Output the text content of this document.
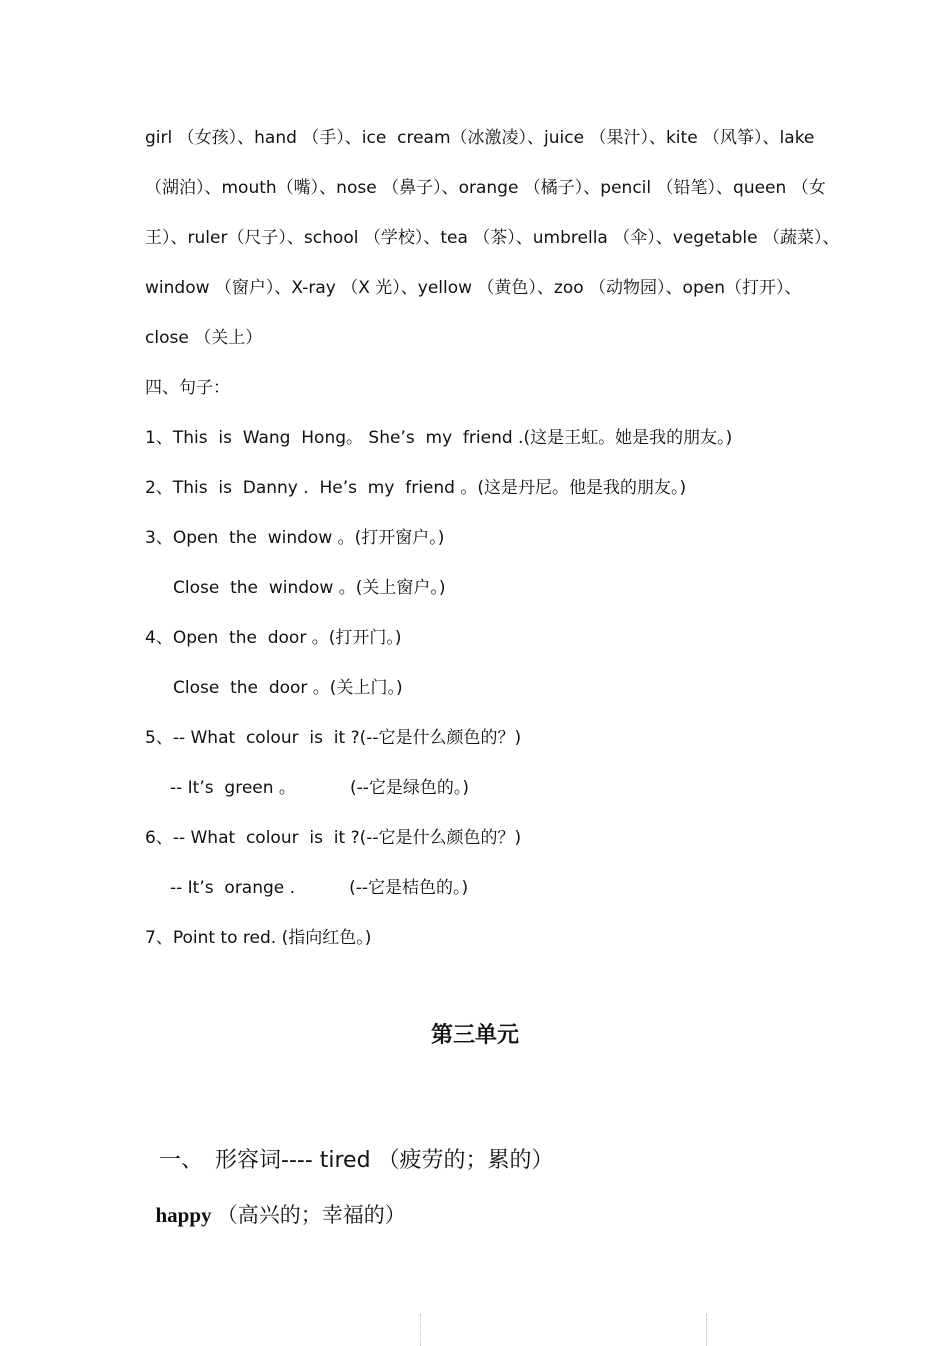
girl （女孩）、hand （手）、ice  cream（冰激凌）、juice （果汁）、kite （风筝）、lake
（湖泊）、mouth（嘴）、nose （鼻子）、orange （橘子）、pencil （铅笔）、queen （女
王）、ruler（尺子）、school （学校）、tea （茶）、umbrella （伞）、vegetable （蔬菜）、
window （窗户）、X-ray （X 光）、yellow （黄色）、zoo （动物园）、open（打开）、
close （关上）
四、句子：
1、This  is  Wang  Hong。 She’s  my  friend .(这是王虹。她是我的朋友。)
2、This  is  Danny .  He’s  my  friend 。(这是丹尼。他是我的朋友。)
3、Open  the  window 。(打开窗户。)
Close  the  window 。(关上窗户。)
4、Open  the  door 。(打开门。)
Close  the  door 。(关上门。)
5、-- What  colour  is  it ?(--它是什么颜色的？)
-- It’s  green 。          (--它是绿色的。)
6、-- What  colour  is  it ?(--它是什么颜色的？)
-- It’s  orange .          (--它是桔色的。)
7、Point to red. (指向红色。)
第三单元

一、 形容词---- tired （疲劳的；累的）

happy （高兴的；幸福的）
